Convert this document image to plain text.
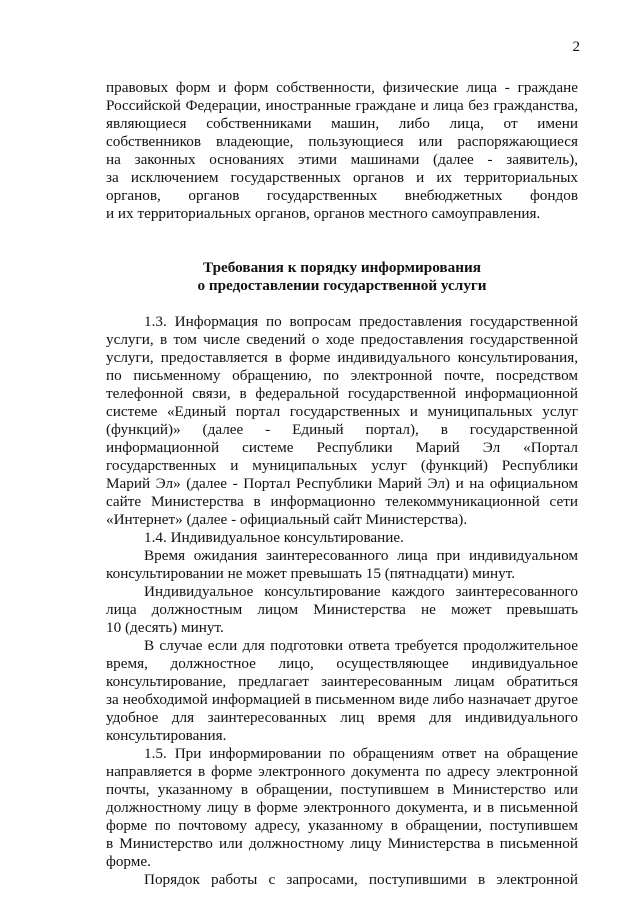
2
правовых форм и форм собственности, физические лица - граждане
Российской Федерации, иностранные граждане и лица без гражданства,
являющиеся собственниками машин, либо лица, от имени
собственников владеющие, пользующиеся или распоряжающиеся
на законных основаниях этими машинами (далее - заявитель),
за исключением государственных органов и их территориальных
органов, органов государственных внебюджетных фондов
и их территориальных органов, органов местного самоуправления.
Требования к порядку информирования
о предоставлении государственной услуги
1.3. Информация по вопросам предоставления государственной
услуги, в том числе сведений о ходе предоставления государственной
услуги, предоставляется в форме индивидуального консультирования,
по письменному обращению, по электронной почте, посредством
телефонной связи, в федеральной государственной информационной
системе «Единый портал государственных и муниципальных услуг
(функций)» (далее - Единый портал), в государственной
информационной системе Республики Марий Эл «Портал
государственных и муниципальных услуг (функций) Республики
Марий Эл» (далее - Портал Республики Марий Эл) и на официальном
сайте Министерства в информационно телекоммуникационной сети
«Интернет» (далее - официальный сайт Министерства).
1.4. Индивидуальное консультирование.
Время ожидания заинтересованного лица при индивидуальном
консультировании не может превышать 15 (пятнадцати) минут.
Индивидуальное консультирование каждого заинтересованного
лица должностным лицом Министерства не может превышать
10 (десять) минут.
В случае если для подготовки ответа требуется продолжительное
время, должностное лицо, осуществляющее индивидуальное
консультирование, предлагает заинтересованным лицам обратиться
за необходимой информацией в письменном виде либо назначает другое
удобное для заинтересованных лиц время для индивидуального
консультирования.
1.5. При информировании по обращениям ответ на обращение
направляется в форме электронного документа по адресу электронной
почты, указанному в обращении, поступившем в Министерство или
должностному лицу в форме электронного документа, и в письменной
форме по почтовому адресу, указанному в обращении, поступившем
в Министерство или должностному лицу Министерства в письменной
форме.
Порядок работы с запросами, поступившими в электронной
